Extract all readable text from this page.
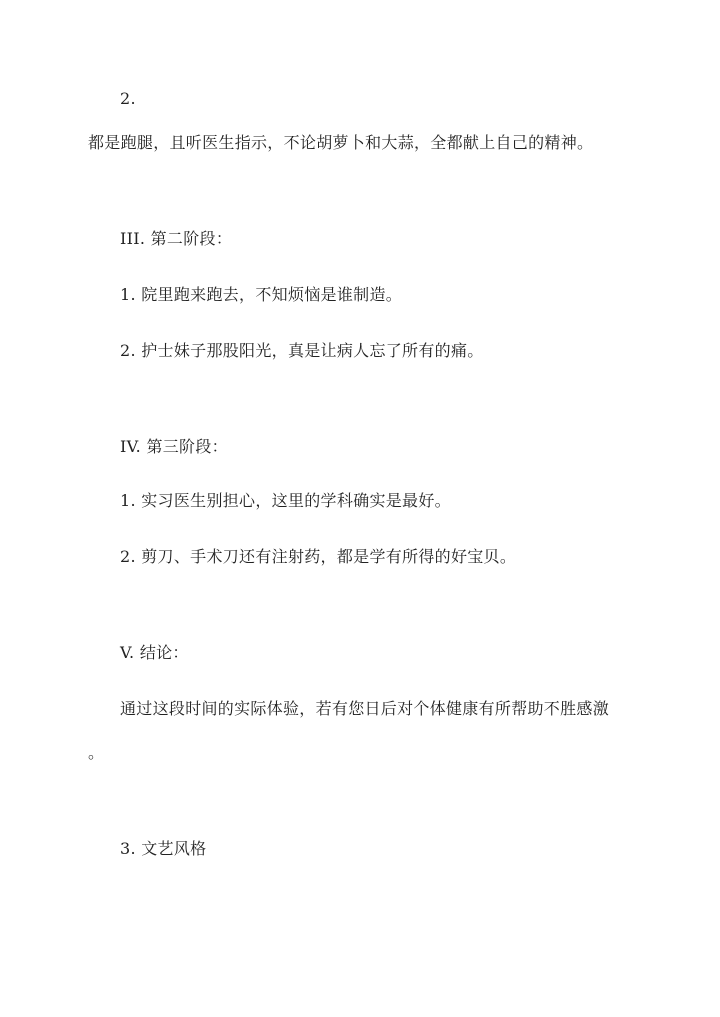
2.
都是跑腿，且听医生指示，不论胡萝卜和大蒜，全都献上自己的精神。
III. 第二阶段：
1. 院里跑来跑去，不知烦恼是谁制造。
2. 护士妹子那股阳光，真是让病人忘了所有的痛。
IV. 第三阶段：
1. 实习医生别担心，这里的学科确实是最好。
2. 剪刀、手术刀还有注射药，都是学有所得的好宝贝。
V. 结论：
通过这段时间的实际体验，若有您日后对个体健康有所帮助不胜感激
。
3. 文艺风格
